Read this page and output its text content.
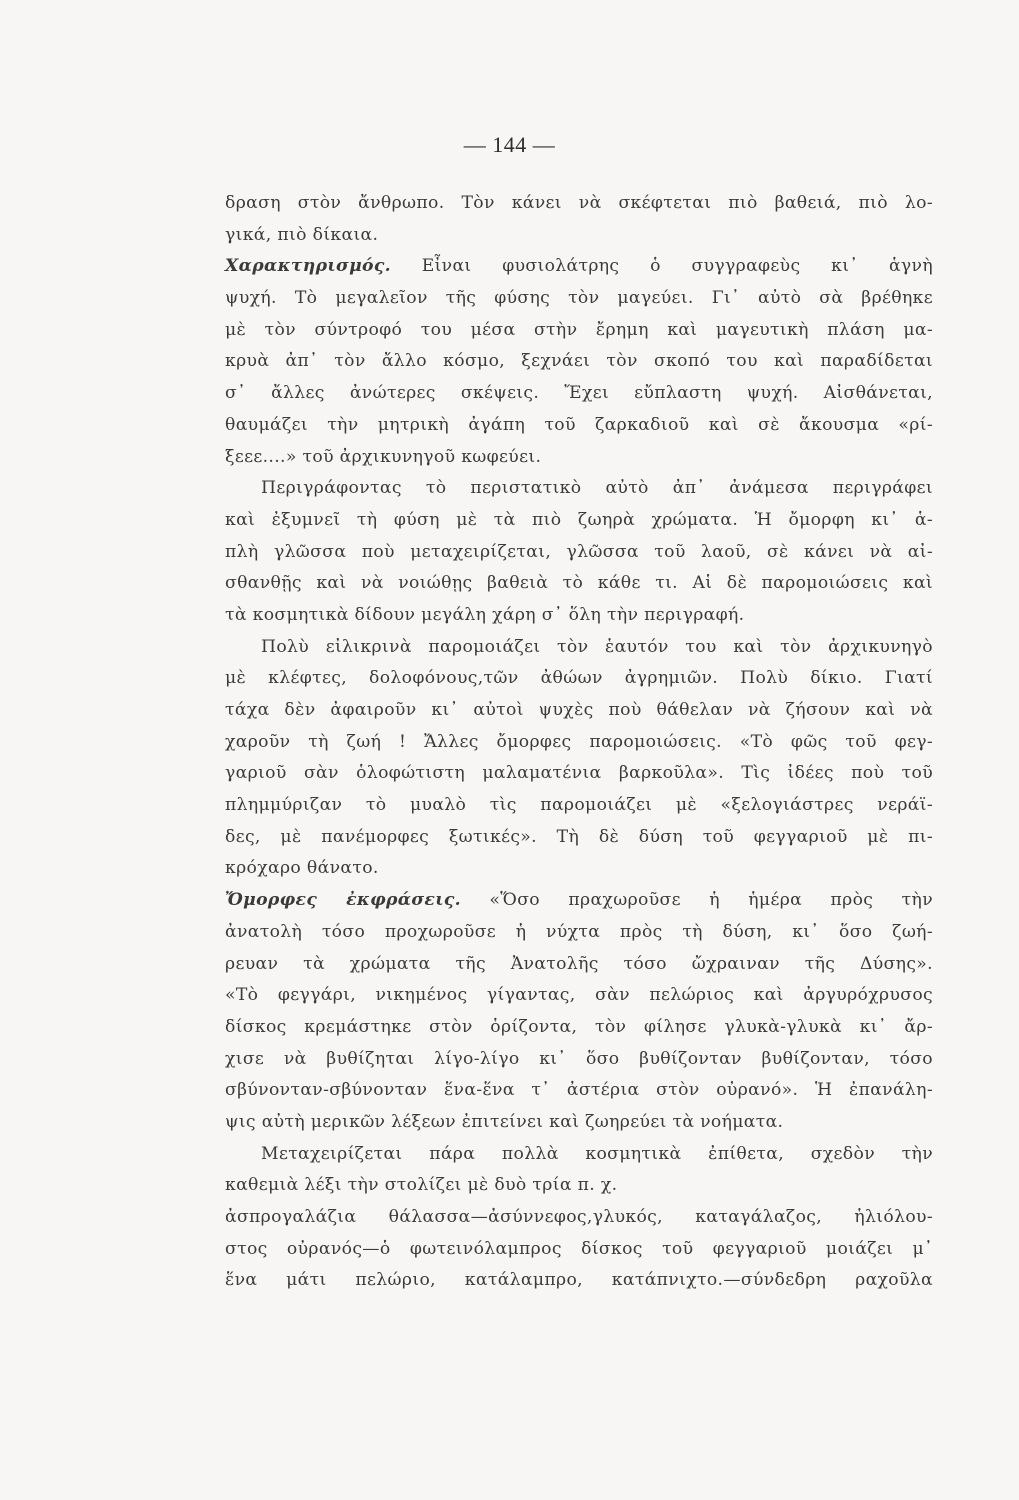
— 144 —
δραση στὸν ἄνθρωπο. Τὸν κάνει νὰ σκέφτεται πιὸ βαθειά, πιὸ λο-
γικά, πιὸ δίκαια.
Χαρακτηρισμός. Εἶναι φυσιολάτρης ὁ συγγραφεὺς κι᾽ ἁγνὴ
ψυχή. Τὸ μεγαλεῖον τῆς φύσης τὸν μαγεύει. Γι᾽ αὐτὸ σὰ βρέθηκε
μὲ τὸν σύντροφό του μέσα στὴν ἔρημη καὶ μαγευτικὴ πλάση μα-
κρυὰ ἀπ᾽ τὸν ἄλλο κόσμο, ξεχνάει τὸν σκοπό του καὶ παραδίδεται
σ᾽ ἄλλες ἀνώτερες σκέψεις. Ἔχει εὔπλαστη ψυχή. Αἰσθάνεται,
θαυμάζει τὴν μητρικὴ ἀγάπη τοῦ ζαρκαδιοῦ καὶ σὲ ἄκουσμα «ρί-
ξεεε....» τοῦ ἀρχικυνηγοῦ κωφεύει.
Περιγράφοντας τὸ περιστατικὸ αὐτὸ ἀπ᾽ ἀνάμεσα περιγράφει
καὶ ἐξυμνεῖ τὴ φύση μὲ τὰ πιὸ ζωηρὰ χρώματα. Ἡ ὄμορφη κι᾽ ἁ-
πλὴ γλῶσσα ποὺ μεταχειρίζεται, γλῶσσα τοῦ λαοῦ, σὲ κάνει νὰ αἰ-
σθανθῇς καὶ νὰ νοιώθῃς βαθειὰ τὸ κάθε τι. Αἱ δὲ παρομοιώσεις καὶ
τὰ κοσμητικὰ δίδουν μεγάλη χάρη σ᾽ ὅλη τὴν περιγραφή.
Πολὺ εἰλικρινὰ παρομοιάζει τὸν ἑαυτόν του καὶ τὸν ἀρχικυνηγὸ
μὲ κλέφτες, δολοφόνους,τῶν ἀθώων ἀγρημιῶν. Πολὺ δίκιο. Γιατί
τάχα δὲν ἀφαιροῦν κι᾽ αὐτοὶ ψυχὲς ποὺ θάθελαν νὰ ζήσουν καὶ νὰ
χαροῦν τὴ ζωή ! Ἄλλες ὄμορφες παρομοιώσεις. «Τὸ φῶς τοῦ φεγ-
γαριοῦ σὰν ὁλοφώτιστη μαλαματένια βαρκοῦλα». Τὶς ἰδέες ποὺ τοῦ
πλημμύριζαν τὸ μυαλὸ τὶς παρομοιάζει μὲ «ξελογιάστρες νεράϊ-
δες, μὲ πανέμορφες ξωτικές». Τὴ δὲ δύση τοῦ φεγγαριοῦ μὲ πι-
κρόχαρο θάνατο.
Ὄμορφες ἐκφράσεις. «Ὅσο πραχωροῦσε ἡ ἡμέρα πρὸς τὴν
ἀνατολὴ τόσο προχωροῦσε ἡ νύχτα πρὸς τὴ δύση, κι᾽ ὅσο ζωή-
ρευαν τὰ χρώματα τῆς Ἀνατολῆς τόσο ὤχραιναν τῆς Δύσης».
«Τὸ φεγγάρι, νικημένος γίγαντας, σὰν πελώριος καὶ ἀργυρόχρυσος
δίσκος κρεμάστηκε στὸν ὁρίζοντα, τὸν φίλησε γλυκὰ-γλυκὰ κι᾽ ἄρ-
χισε νὰ βυθίζηται λίγο-λίγο κι᾽ ὅσο βυθίζονταν βυθίζονταν, τόσο
σβύνονταν-σβύνονταν ἕνα-ἕνα τ᾽ ἀστέρια στὸν οὐρανό». Ἡ ἐπανάλη-
ψις αὐτὴ μερικῶν λέξεων ἐπιτείνει καὶ ζωηρεύει τὰ νοήματα.
Μεταχειρίζεται πάρα πολλὰ κοσμητικὰ ἐπίθετα, σχεδὸν τὴν
καθεμιὰ λέξι τὴν στολίζει μὲ δυὸ τρία π. χ.
ἀσπρογαλάζια θάλασσα—ἀσύννεφος,γλυκός, καταγάλαζος, ἡλιόλου-
στος οὐρανός—ὁ φωτεινόλαμπρος δίσκος τοῦ φεγγαριοῦ μοιάζει μ᾽
ἕνα μάτι πελώριο, κατάλαμπρο, κατάπνιχτο.—σύνδεδρη ραχοῦλα
